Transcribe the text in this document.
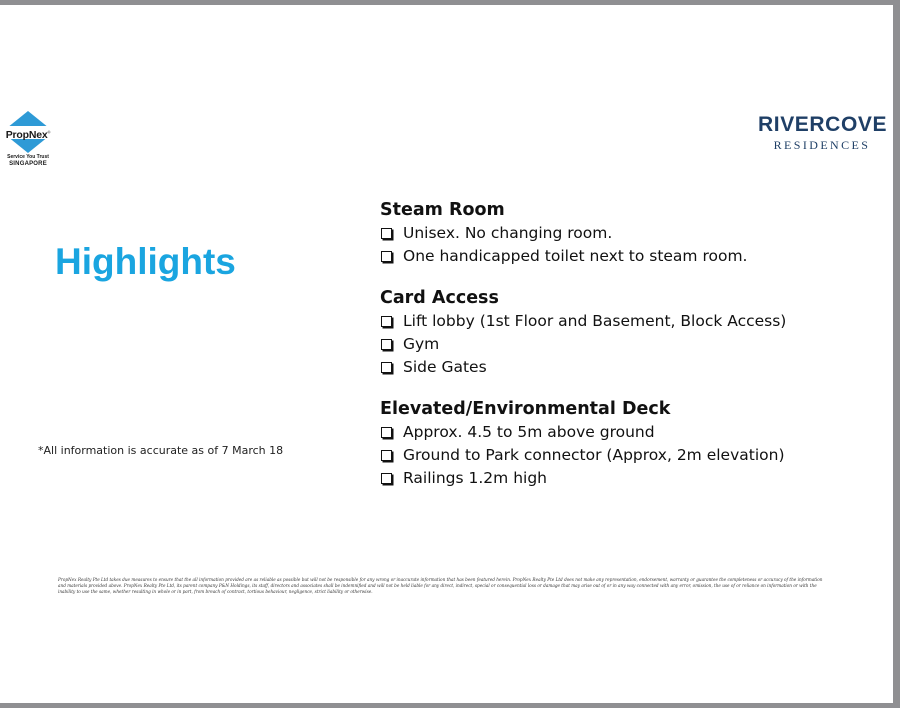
PropNex®
Service You Trust
SINGAPORE
RIVERCOVE
RESIDENCES
Highlights
*All information is accurate as of 7 March 18
Steam Room
Unisex. No changing room.
One handicapped toilet next to steam room.
Card Access
Lift lobby (1st Floor and Basement, Block Access)
Gym
Side Gates
Elevated/Environmental Deck
Approx. 4.5 to 5m above ground
Ground to Park connector (Approx, 2m elevation)
Railings 1.2m high
PropNex Realty Pte Ltd takes due measures to ensure that the all information provided are as reliable as possible but will not be responsible for any wrong or inaccurate information that has been featured herein. PropNex Realty Pte Ltd does not make any representation, endorsement, warranty or guarantee the completeness or accuracy of the information and materials provided above. PropNex Realty Pte Ltd, its parent company P&N Holdings, its staff, directors and associates shall be indemnified and will not be held liable for any direct, indirect, special or consequential loss or damage that may arise out of or in any way connected with any error, omission, the use of or reliance on information or with the inability to use the same, whether resulting in whole or in part, from breach of contract, tortious behaviour, negligence, strict liability or otherwise.
